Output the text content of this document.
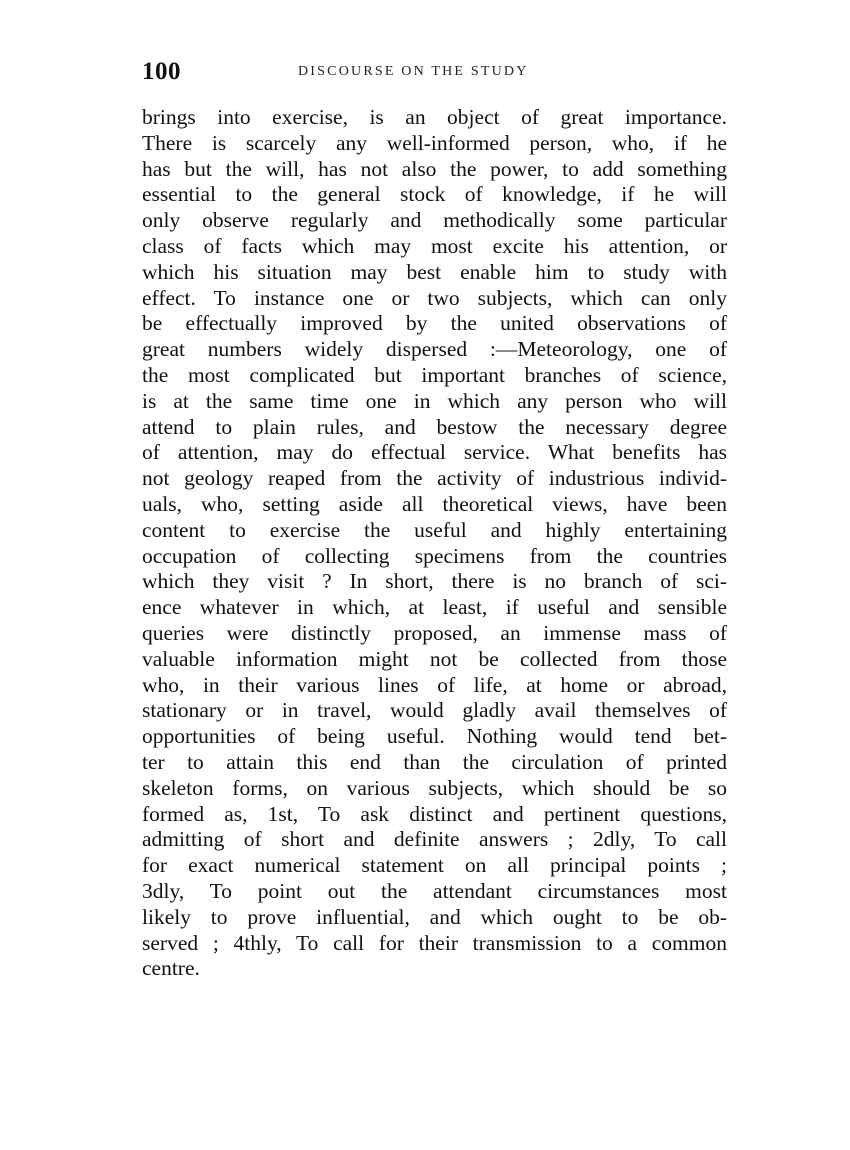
100	DISCOURSE ON THE STUDY
brings into exercise, is an object of great importance.
There is scarcely any well-informed person, who, if he
has but the will, has not also the power, to add something
essential to the general stock of knowledge, if he will
only observe regularly and methodically some particular
class of facts which may most excite his attention, or
which his situation may best enable him to study with
effect. To instance one or two subjects, which can only
be effectually improved by the united observations of
great numbers widely dispersed :—Meteorology, one of
the most complicated but important branches of science,
is at the same time one in which any person who will
attend to plain rules, and bestow the necessary degree
of attention, may do effectual service. What benefits has
not geology reaped from the activity of industrious individ-
uals, who, setting aside all theoretical views, have been
content to exercise the useful and highly entertaining
occupation of collecting specimens from the countries
which they visit ? In short, there is no branch of sci-
ence whatever in which, at least, if useful and sensible
queries were distinctly proposed, an immense mass of
valuable information might not be collected from those
who, in their various lines of life, at home or abroad,
stationary or in travel, would gladly avail themselves of
opportunities of being useful. Nothing would tend bet-
ter to attain this end than the circulation of printed
skeleton forms, on various subjects, which should be so
formed as, 1st, To ask distinct and pertinent questions,
admitting of short and definite answers ; 2dly, To call
for exact numerical statement on all principal points ;
3dly, To point out the attendant circumstances most
likely to prove influential, and which ought to be ob-
served ; 4thly, To call for their transmission to a common
centre.
